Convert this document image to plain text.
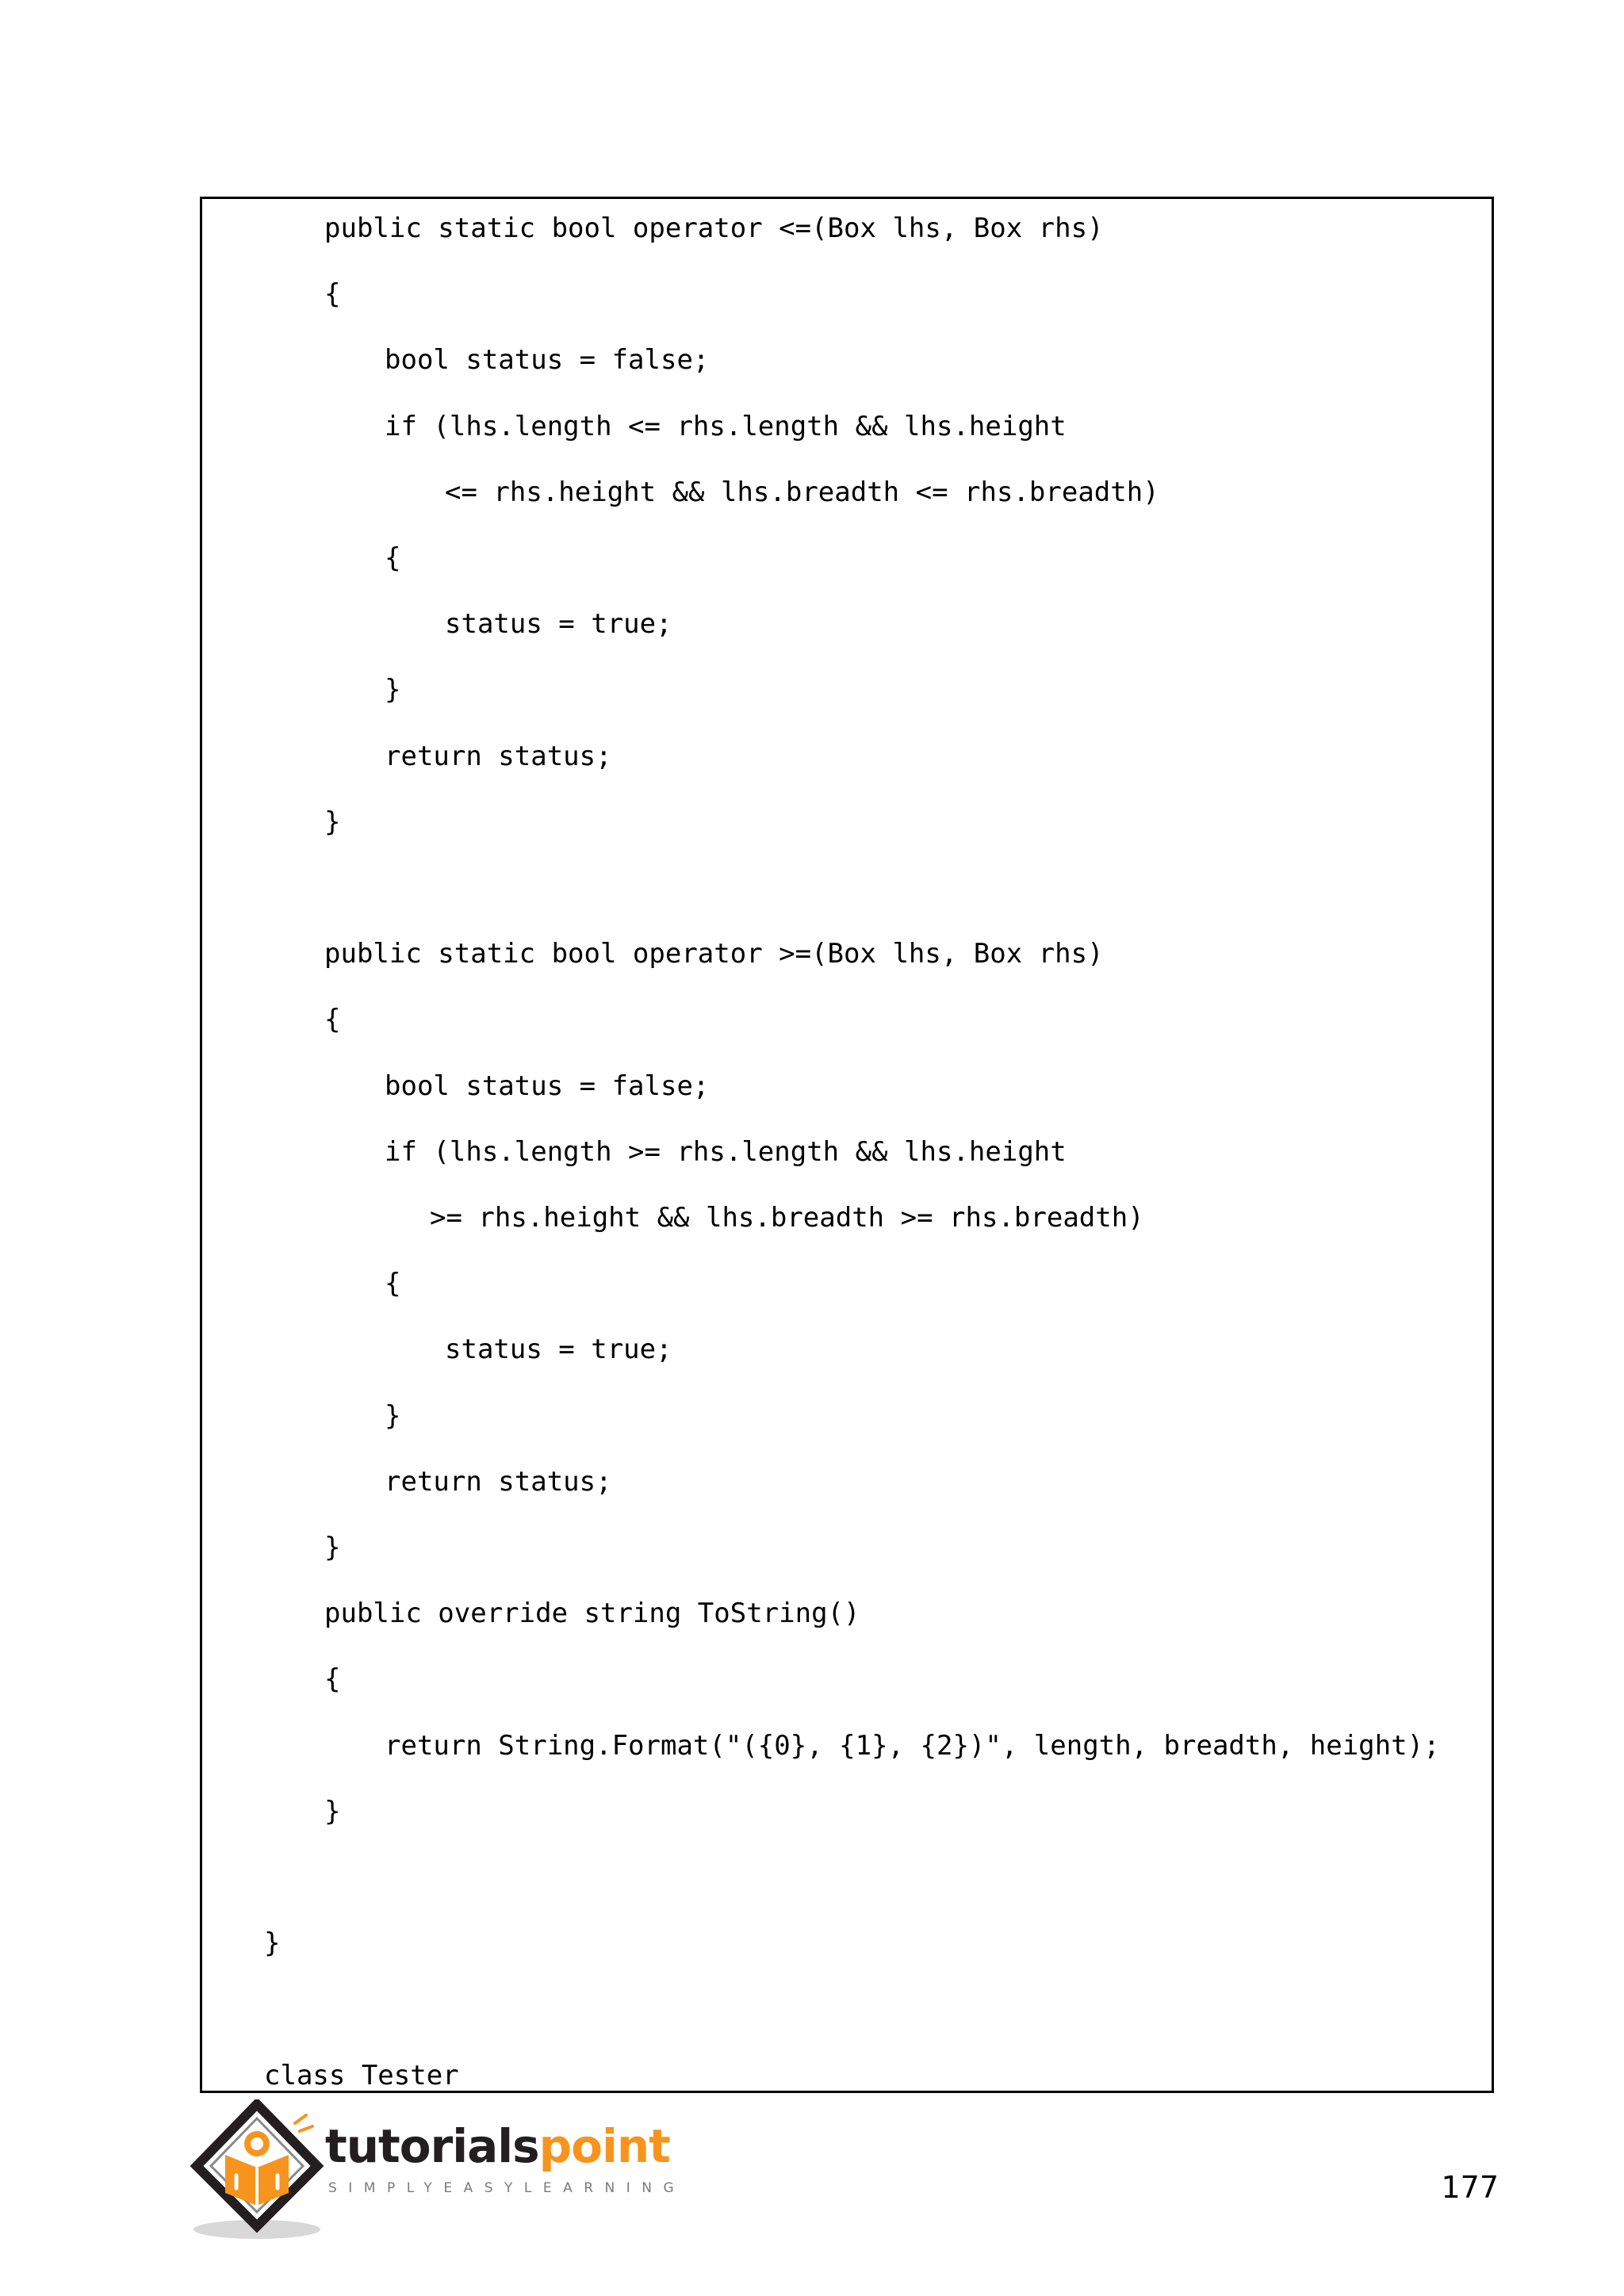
public static bool operator <=(Box lhs, Box rhs)
{
bool status = false;
if (lhs.length <= rhs.length && lhs.height
<= rhs.height && lhs.breadth <= rhs.breadth)
{
status = true;
}
return status;
}
public static bool operator >=(Box lhs, Box rhs)
{
bool status = false;
if (lhs.length >= rhs.length && lhs.height
>= rhs.height && lhs.breadth >= rhs.breadth)
{
status = true;
}
return status;
}
public override string ToString()
{
return String.Format("({0}, {1}, {2})", length, breadth, height);
}
}
class Tester
tutorialspoint
SIMPLYEASYLEARNING	177
